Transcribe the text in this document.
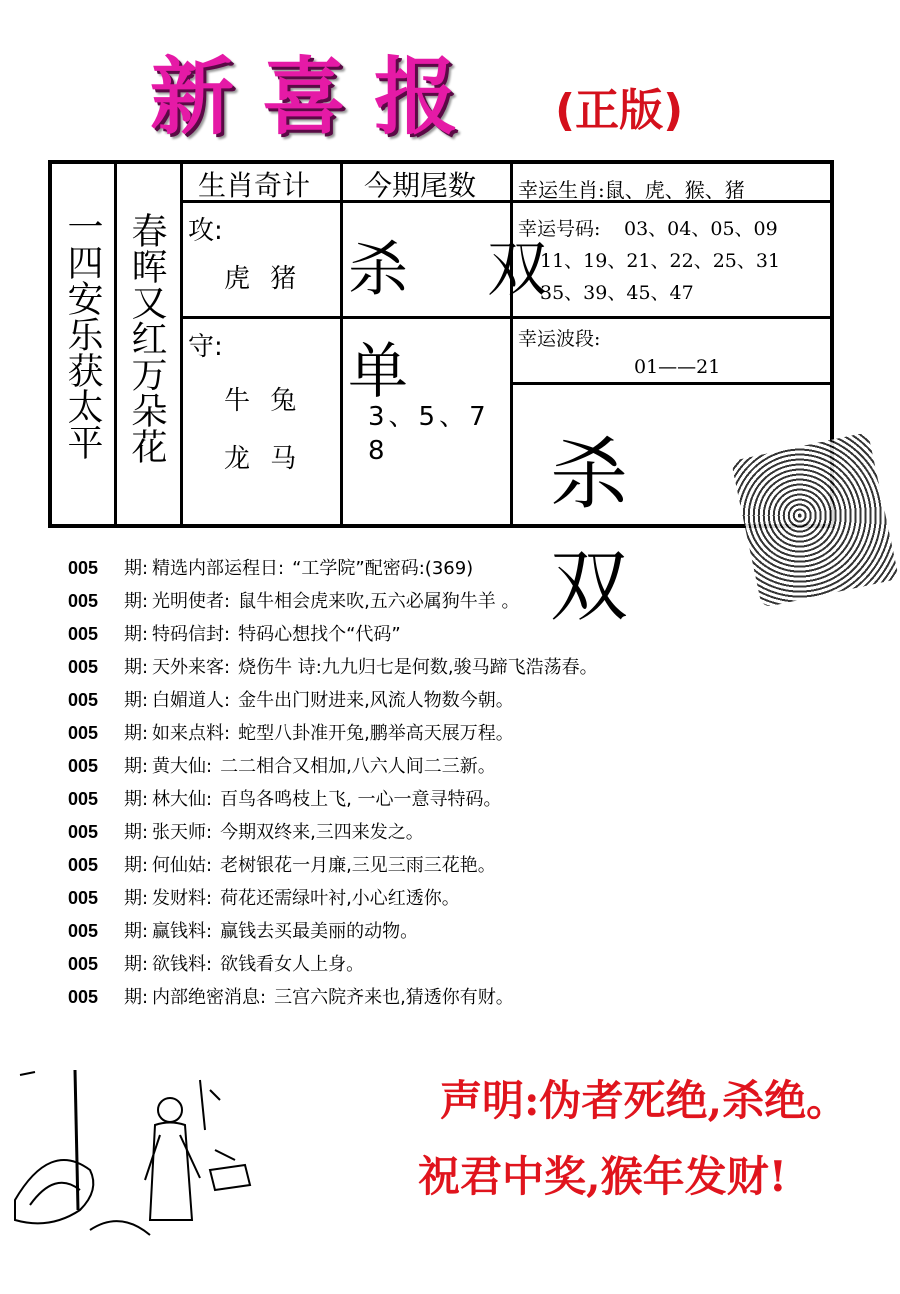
新喜报 (正版)
一四安乐获太平 春晖又红万朵花
生肖奇计 今期尾数 幸运生肖:鼠、虎、猴、猪
攻:
虎 猪
守:
牛 兔
龙 马
杀 双
单
3、5、7
8
幸运号码: 03、04、05、09
11、19、21、22、25、31
35、39、45、47
幸运波段:
01——21
杀 双
005 期: 精选内部运程日: “工学院”配密码:(369)
005 期: 光明使者: 鼠牛相会虎来吹,五六必属狗牛羊 。
005 期: 特码信封: 特码心想找个“代码”
005 期: 天外来客: 烧伤牛 诗:九九归七是何数,骏马蹄飞浩荡春。
005 期: 白媚道人: 金牛出门财进来,风流人物数今朝。
005 期: 如来点料: 蛇型八卦准开兔,鹏举高天展万程。
005 期: 黄大仙: 二二相合又相加,八六人间二三新。
005 期: 林大仙: 百鸟各鸣枝上飞, 一心一意寻特码。
005 期: 张天师: 今期双终来,三四来发之。
005 期: 何仙姑: 老树银花一月廉,三见三雨三花艳。
005 期: 发财料: 荷花还需绿叶衬,小心红透你。
005 期: 赢钱料: 赢钱去买最美丽的动物。
005 期: 欲钱料: 欲钱看女人上身。
005 期: 内部绝密消息: 三宫六院齐来也,猜透你有财。
声明:伪者死绝,杀绝。
祝君中奖,猴年发财!
